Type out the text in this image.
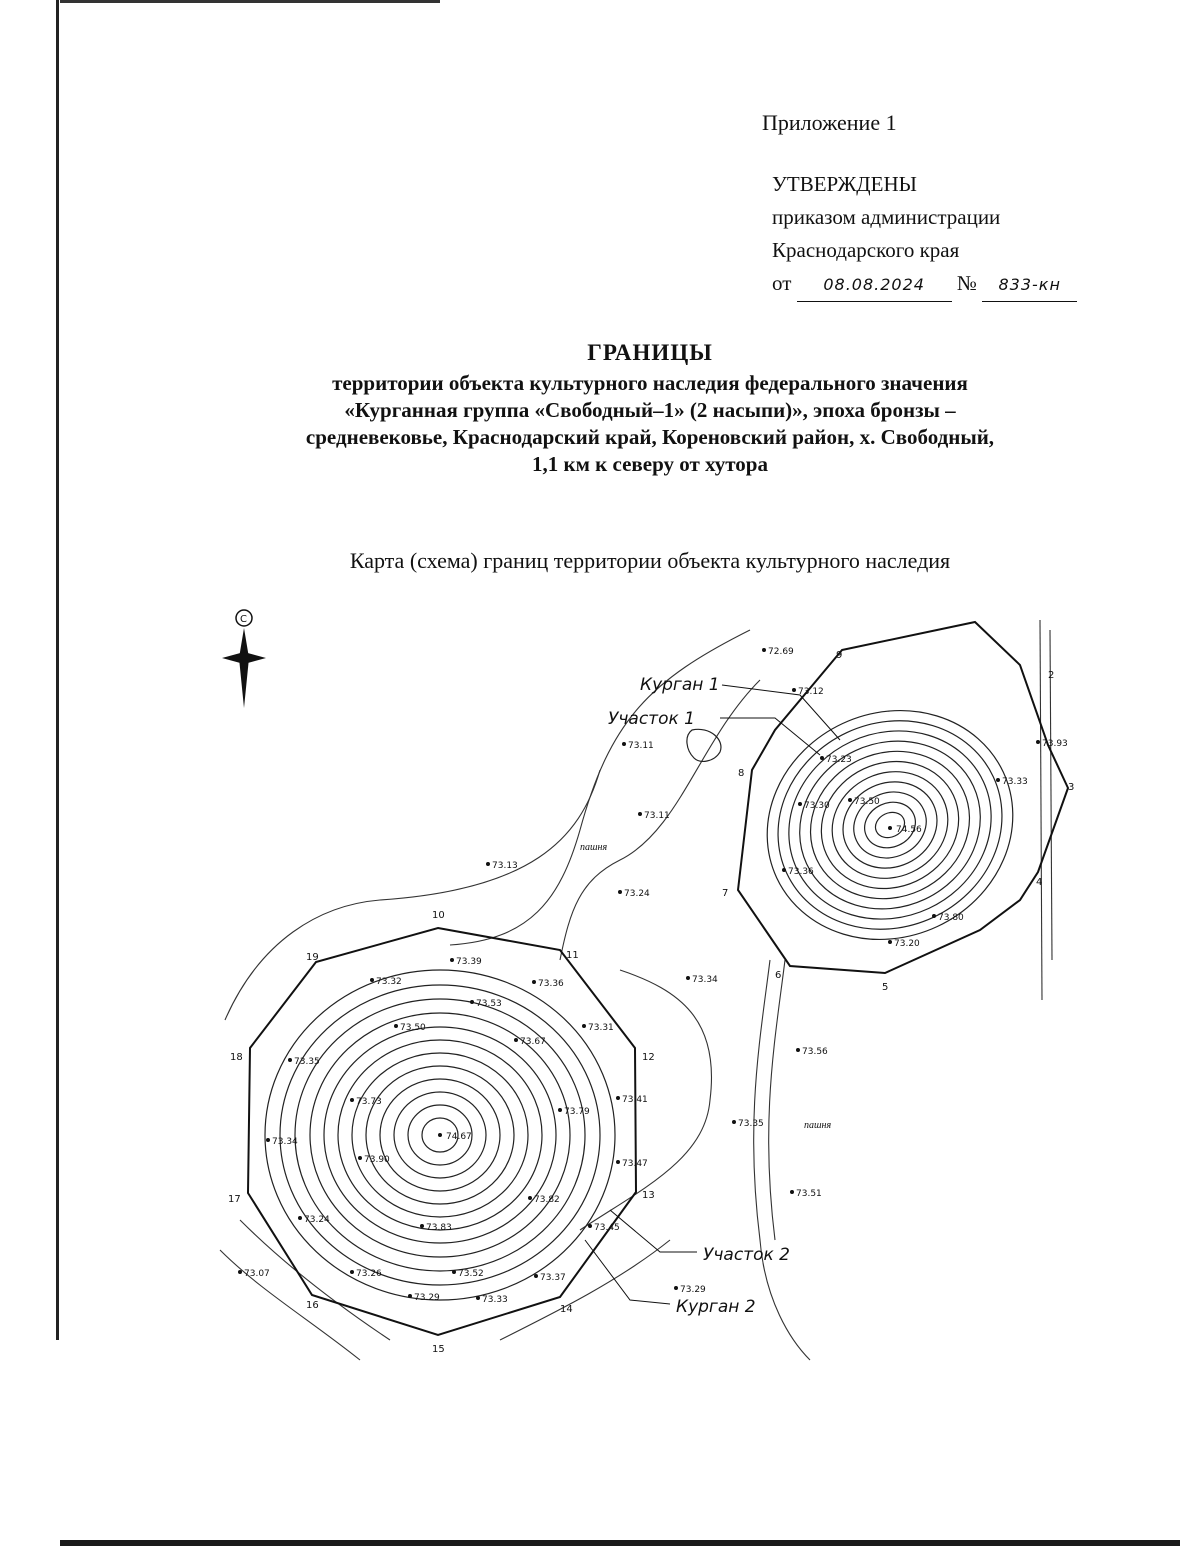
Приложение 1
УТВЕРЖДЕНЫ
приказом администрации
Краснодарского края
от 08.08.2024 № 833-кн
ГРАНИЦЫ
территории объекта культурного наследия федерального значения
«Курганная группа «Свободный–1» (2 насыпи)», эпоха бронзы –
средневековье, Краснодарский край, Кореновский район, х. Свободный,
1,1 км к северу от хутора
Карта (схема) границ территории объекта культурного наследия
С
Курган 1
Участок 1
Участок 2
Курган 2
пашня
пашня
2
3
4
5
6
7
8
9
10
11
12
13
14
15
16
17
18
19
72.69
73.12
73.11
73.11
73.13
73.24
73.34
73.56
73.35
73.51
73.29
73.32
73.39
73.36
73.53
73.50	73.31
73.35
73.67
73.73
73.79
73.41
73.34
73.90	73.47
73.82
73.24
73.83	73.45
73.26	73.52	73.37
73.29	73.33
73.07
74.67
74.56
73.23
73.30
73.36
73.50
73.80
73.20
73.33
73.93
